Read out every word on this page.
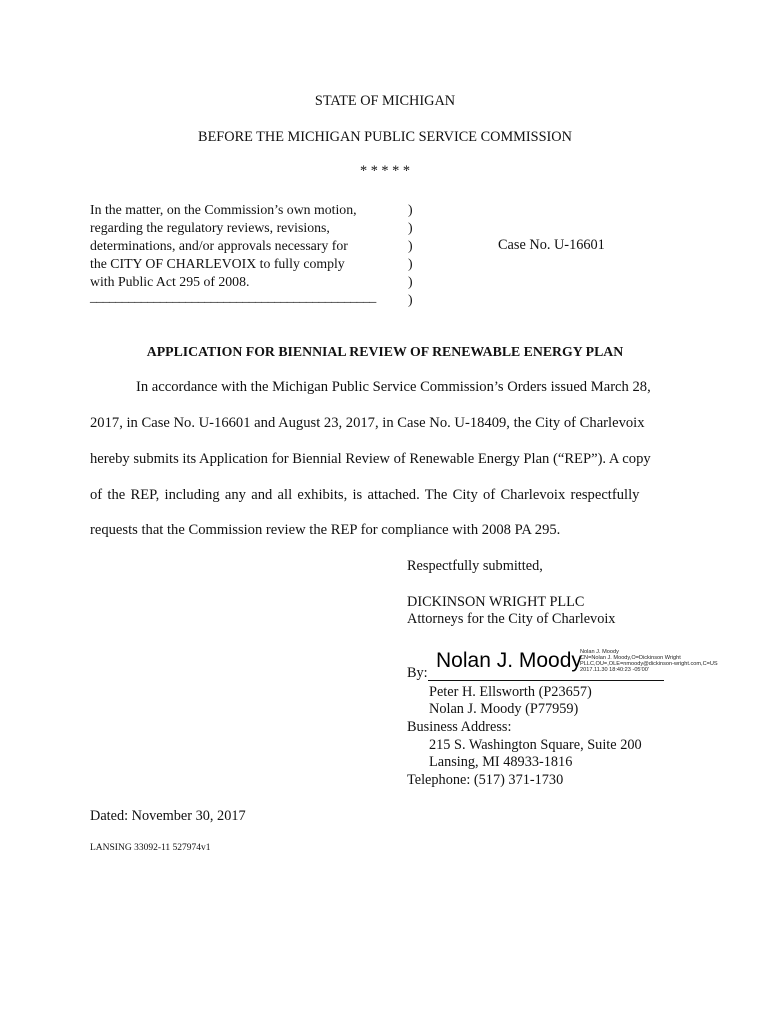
STATE OF MICHIGAN
BEFORE THE MICHIGAN PUBLIC SERVICE COMMISSION
* * * * *
In the matter, on the Commission’s own motion,
regarding the regulatory reviews, revisions,
determinations, and/or approvals necessary for
the CITY OF CHARLEVOIX to fully comply
with Public Act 295 of 2008.
_____________________________________________
)
)
)
)
)
)
Case No. U-16601
APPLICATION FOR BIENNIAL REVIEW OF RENEWABLE ENERGY PLAN
In accordance with the Michigan Public Service Commission’s Orders issued March 28,
2017, in Case No. U-16601 and August 23, 2017, in Case No. U-18409, the City of Charlevoix
hereby submits its Application for Biennial Review of Renewable Energy Plan (“REP”). A copy
of the REP, including any and all exhibits, is attached. The City of Charlevoix respectfully
requests that the Commission review the REP for compliance with 2008 PA 295.
Respectfully submitted,
DICKINSON WRIGHT PLLC
Attorneys for the City of Charlevoix
By:
Nolan J. Moody
Nolan J. Moody
CN=Nolan J. Moody,O=Dickinson Wright
PLLC,OU=,OLE=nmoody@dickinson-wright.com,C=US
2017.11.30 18:40:23 -05'00'
Peter H. Ellsworth (P23657)
Nolan J. Moody (P77959)
Business Address:
215 S. Washington Square, Suite 200
Lansing, MI 48933-1816
Telephone: (517) 371-1730
Dated: November 30, 2017
LANSING 33092-11 527974v1
